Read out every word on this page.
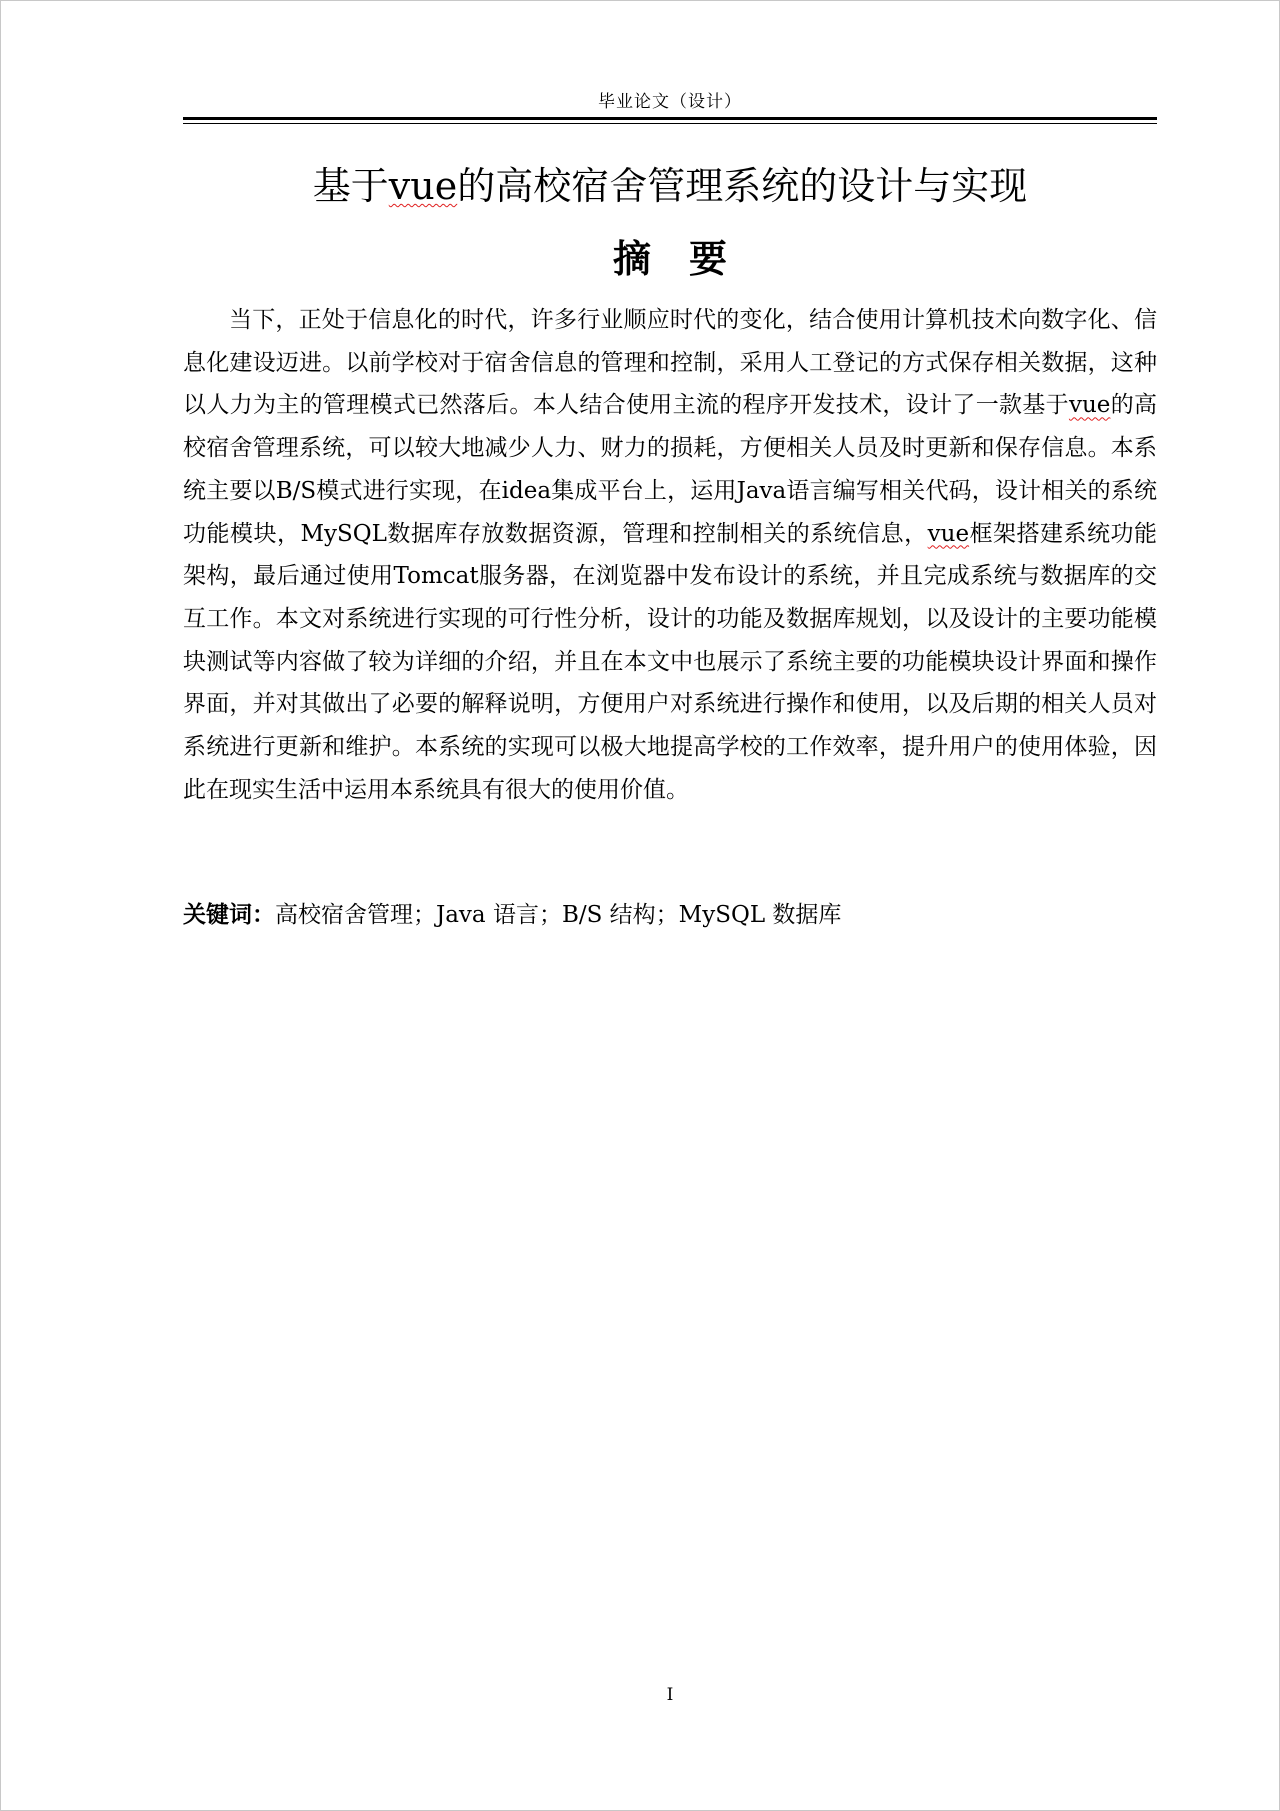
毕业论文（设计）
基于vue的高校宿舍管理系统的设计与实现
摘　要

当下，正处于信息化的时代，许多行业顺应时代的变化，结合使用计算机技术向数字化、信息化建设迈进。以前学校对于宿舍信息的管理和控制，采用人工登记的方式保存相关数据，这种以人力为主的管理模式已然落后。本人结合使用主流的程序开发技术，设计了一款基于vue的高校宿舍管理系统，可以较大地减少人力、财力的损耗，方便相关人员及时更新和保存信息。本系统主要以B/S模式进行实现，在idea集成平台上，运用Java语言编写相关代码，设计相关的系统功能模块，MySQL数据库存放数据资源，管理和控制相关的系统信息，vue框架搭建系统功能架构，最后通过使用Tomcat服务器，在浏览器中发布设计的系统，并且完成系统与数据库的交互工作。本文对系统进行实现的可行性分析，设计的功能及数据库规划，以及设计的主要功能模块测试等内容做了较为详细的介绍，并且在本文中也展示了系统主要的功能模块设计界面和操作界面，并对其做出了必要的解释说明，方便用户对系统进行操作和使用，以及后期的相关人员对系统进行更新和维护。本系统的实现可以极大地提高学校的工作效率，提升用户的使用体验，因此在现实生活中运用本系统具有很大的使用价值。

关键词：高校宿舍管理；Java 语言；B/S 结构；MySQL 数据库

I
